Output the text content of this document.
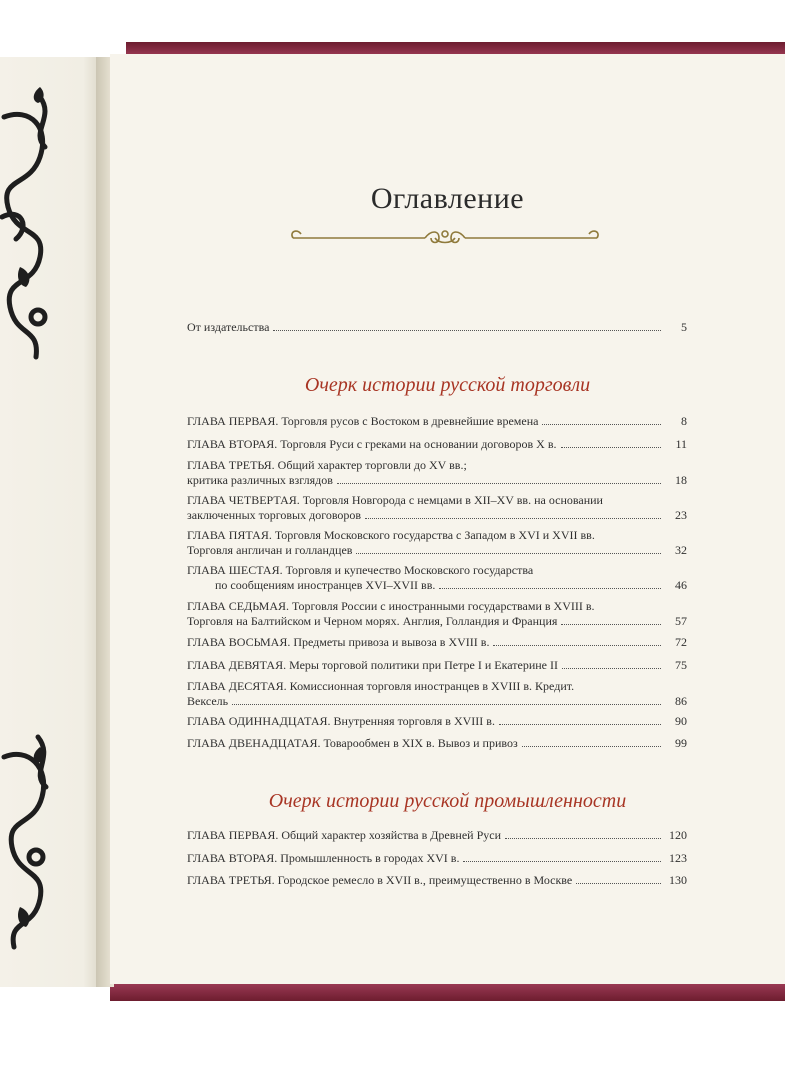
Оглавление
От издательства	5
Очерк истории русской торговли
ГЛАВА ПЕРВАЯ. Торговля русов с Востоком в древнейшие времена	8
ГЛАВА ВТОРАЯ. Торговля Руси с греками на основании договоров X в.	11
ГЛАВА ТРЕТЬЯ. Общий характер торговли до XV вв.;
критика различных взглядов	18
ГЛАВА ЧЕТВЕРТАЯ. Торговля Новгорода с немцами в XII–XV вв. на основании
заключенных торговых договоров	23
ГЛАВА ПЯТАЯ. Торговля Московского государства с Западом в XVI и XVII вв.
Торговля англичан и голландцев	32
ГЛАВА ШЕСТАЯ. Торговля и купечество Московского государства
по сообщениям иностранцев XVI–XVII вв.	46
ГЛАВА СЕДЬМАЯ. Торговля России с иностранными государствами в XVIII в.
Торговля на Балтийском и Черном морях. Англия, Голландия и Франция	57
ГЛАВА ВОСЬМАЯ. Предметы привоза и вывоза в XVIII в.	72
ГЛАВА ДЕВЯТАЯ. Меры торговой политики при Петре I и Екатерине II	75
ГЛАВА ДЕСЯТАЯ. Комиссионная торговля иностранцев в XVIII в. Кредит.
Вексель	86
ГЛАВА ОДИННАДЦАТАЯ. Внутренняя торговля в XVIII в.	90
ГЛАВА ДВЕНАДЦАТАЯ. Товарообмен в XIX в. Вывоз и привоз	99
Очерк истории русской промышленности
ГЛАВА ПЕРВАЯ. Общий характер хозяйства в Древней Руси	120
ГЛАВА ВТОРАЯ. Промышленность в городах XVI в.	123
ГЛАВА ТРЕТЬЯ. Городское ремесло в XVII в., преимущественно в Москве	130
